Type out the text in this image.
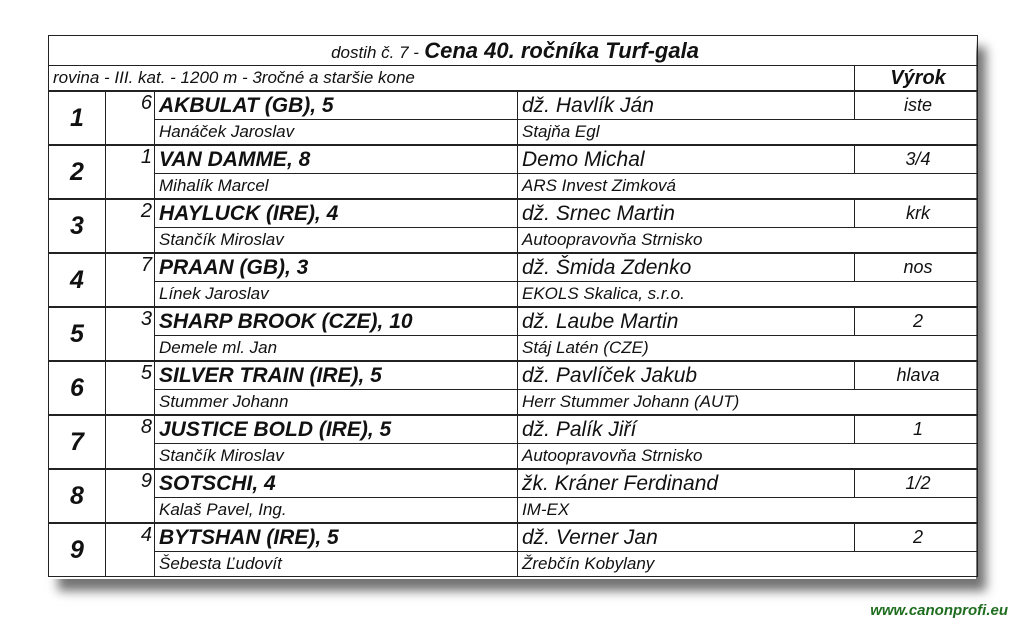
dostih č. 7 - Cena 40. ročníka Turf-gala				
rovina - III. kat. - 1200 m - 3ročné a staršie kone				Výrok
1	6	AKBULAT (GB), 5	dž. Havlík Ján	iste
		Hanáček Jaroslav	Stajňa Egl	
2	1	VAN DAMME, 8	Demo Michal	3/4
		Mihalík Marcel	ARS Invest Zimková	
3	2	HAYLUCK (IRE), 4	dž. Srnec Martin	krk
		Stančík Miroslav	Autoopravovňa Strnisko	
4	7	PRAAN (GB), 3	dž. Šmida Zdenko	nos
		Línek Jaroslav	EKOLS Skalica, s.r.o.	
5	3	SHARP BROOK (CZE), 10	dž. Laube Martin	2
		Demele ml. Jan	Stáj Latén (CZE)	
6	5	SILVER TRAIN (IRE), 5	dž. Pavlíček Jakub	hlava
		Stummer Johann	Herr Stummer Johann (AUT)	
7	8	JUSTICE BOLD (IRE), 5	dž. Palík Jiří	1
		Stančík Miroslav	Autoopravovňa Strnisko	
8	9	SOTSCHI, 4	žk. Kráner Ferdinand	1/2
		Kalaš Pavel, Ing.	IM-EX	
9	4	BYTSHAN (IRE), 5	dž. Verner Jan	2
		Šebesta Ľudovít	Žrebčín Kobylany	
www.canonprofi.eu
